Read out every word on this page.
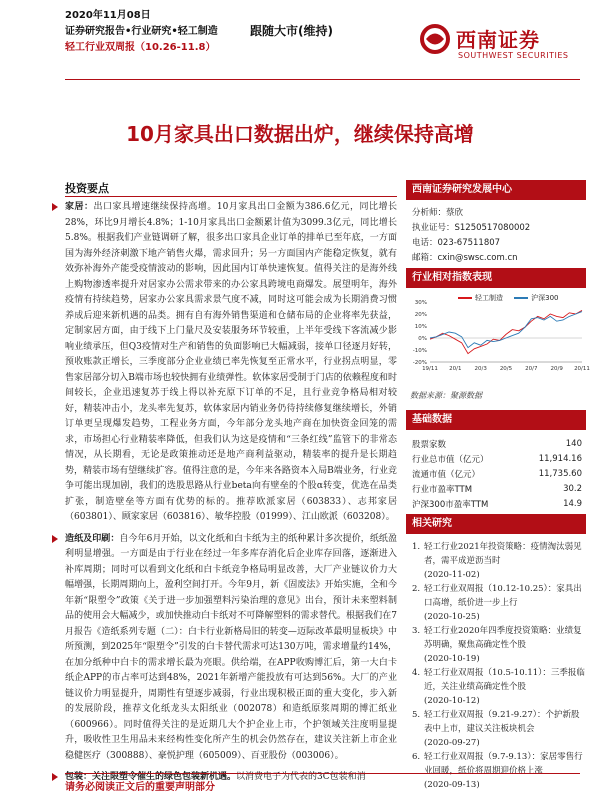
2020年11月08日
证券研究报告•行业研究•轻工制造
轻工行业双周报（10.26-11.8）
跟随大市(维持)	西南证券
SOUTHWEST SECURITIES
10月家具出口数据出炉，继续保持高增
投资要点
家居：出口家具增速继续保持高增。10月家具出口金额为386.6亿元，同比增长28%，环比9月增长4.8%；1-10月家具出口金额累计值为3099.3亿元，同比增长5.8%。根据我们产业链调研了解，很多出口家具企业订单的排单已至年底，一方面国为海外经济刺激下地产销售火爆，需求回升；另一方面国内产能稳定恢复，就有效弥补海外产能受疫情波动的影响，因此国内订单快速恢复。值得关注的是海外线上购物渗透率提升对居家办公需求带来的办公家具跨境电商爆发。展望明年，海外疫情有持续趋势，居家办公家具需求景气度不减，同时这可能会成为长期消费习惯养成后迎来新机遇的品类。拥有自有海外销售渠道和仓储布局的企业将率先获益，定制家居方面，由于线下上门量尺及安装服务环节较重，上半年受线下客流减少影响业绩承压，但Q3疫情对生产和销售的负面影响已大幅减弱，接单口径逐月好转，预收账款正增长，三季度部分企业业绩已率先恢复至正常水平，行业拐点明显，零售家居部分切入B端市场也较快拥有业绩弹性。软体家居受制于门店的依赖程度和时间较长，企业迅速复苏于线上得以补充原下订单的不足，且行业竞争格局相对较好，精装冲击小，龙头率先复苏，软体家居内销业务仍待持续修复继续增长，外销订单更呈现爆发趋势，工程业务方面，今年部分龙头地产商在加快资金回笼的需求，市场担心行业精装率降低，但我们认为这是疫情和“三条红线”监管下的非常态情况，从长期看，无论是政策推动还是地产商利益驱动，精装率的提升是长期趋势，精装市场有望继续扩容。值得注意的是，今年来各路资本入局B端业务，行业竞争可能出现加剧，我们的选股思路从行业beta向有壁垒的个股α转变，优选在品类扩张，制造壁垒等方面有优势的标的。推荐欧派家居（603833）、志邦家居（603801）、顾家家居（603816）、敏华控股（01999）、江山欧派（603208）。
造纸及印刷：自今年6月开始，以文化纸和白卡纸为主的纸种累计多次提价，纸纸盈利明显增强。一方面是由于行业在经过一年多库存消化后企业库存回落，逐渐进入补库周期；同时可以看到文化纸和白卡纸竞争格局明显改善，大厂产业链议价力大幅增强，长期周期向上，盈利空间打开。今年9月，新《固废法》开始实施，全和今年新“限塑令”政策《关于进一步加强塑料污染治理的意见》出台，预计未来塑料制品的使用会大幅减少，或加快推动白卡纸对不可降解塑料的需求替代。根据我们在7月报告《造纸系列专题（二）：白卡行业新格局旧的转变—迈际改革最明显板块》中所预测，到2025年“限塑令”引发的白卡替代需求可达130万吨，需求增量约14%，在加分纸种中白卡的需求增长最为亮眼。供给端，在APP收购博汇后，第一大白卡纸企APP的市占率可达到48%，2021年新增产能投放有可达到56%。大厂的产业链议价力明显提升，周期性有望逐步减弱，行业出现积极正面的重大变化，步入新的发展阶段，推荐文化纸龙头太阳纸业（002078）和造纸原浆周期的博汇纸业（600966）。同时值得关注的是近期几大个护企业上市，个护领域关注度明显提升，吸收性卫生用品未来经构性变化所产生的机会仍然存在，建议关注新上市企业稳健医疗（300888）、豪悦护理（605009）、百亚股份（003006）。
包装：关注限塑令催生的绿色包装新机遇。以消费电子为代表的3C包装和消
西南证券研究发展中心
分析师：蔡欣
执业证号：S1250517080002
电话：023-67511807
邮箱：cxin@swsc.com.cn
行业相对指数表现
轻工制造	沪深300
30%
20%
10%
0%
-10%
-20%
19/11 20/1 20/3 20/5 20/7 20/9 20/11
数据来源：聚源数据
基础数据
股票家数	140
行业总市值（亿元）	11,914.16
流通市值（亿元）	11,735.60
行业市盈率TTM	30.2
沪深300市盈率TTM	14.9
相关研究
1. 轻工行业2021年投资策略：疫情淘汰弱见者，需平成逆沥当时
(2020-11-02)
2. 轻工行业双周报（10.12-10.25）：家具出口高增，纸价进一步上行
(2020-10-25)
3. 轻工行业2020年四季度投资策略：业绩复苏明确，聚焦高确定性个股
(2020-10-19)
4. 轻工行业双周报（10.5-10.11）：三季报临近，关注业绩高确定性个股
(2020-10-12)
5. 轻工行业双周报（9.21-9.27）：个护新股表中上市，建议关注板块机会
(2020-09-27)
6. 轻工行业双周报（9.7-9.13）：家居零售行业回暖，纸价将周期迎价格上涨
(2020-09-13)
请务必阅读正文后的重要声明部分
